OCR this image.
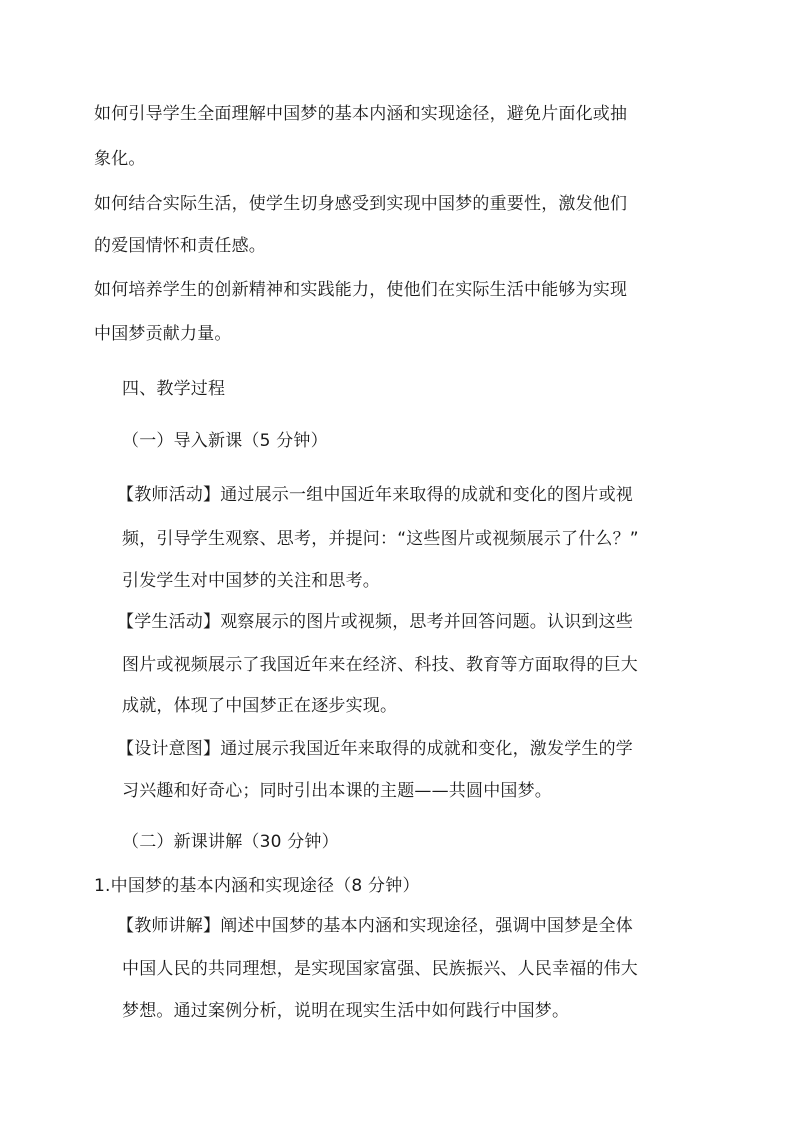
如何引导学生全面理解中国梦的基本内涵和实现途径，避免片面化或抽
象化。
如何结合实际生活，使学生切身感受到实现中国梦的重要性，激发他们
的爱国情怀和责任感。
如何培养学生的创新精神和实践能力，使他们在实际生活中能够为实现
中国梦贡献力量。
四、教学过程
（一）导入新课（5 分钟）
【教师活动】通过展示一组中国近年来取得的成就和变化的图片或视
频，引导学生观察、思考，并提问：“这些图片或视频展示了什么？”
引发学生对中国梦的关注和思考。
【学生活动】观察展示的图片或视频，思考并回答问题。认识到这些
图片或视频展示了我国近年来在经济、科技、教育等方面取得的巨大
成就，体现了中国梦正在逐步实现。
【设计意图】通过展示我国近年来取得的成就和变化，激发学生的学
习兴趣和好奇心；同时引出本课的主题——共圆中国梦。
（二）新课讲解（30 分钟）
1.中国梦的基本内涵和实现途径（8 分钟）
【教师讲解】阐述中国梦的基本内涵和实现途径，强调中国梦是全体
中国人民的共同理想，是实现国家富强、民族振兴、人民幸福的伟大
梦想。通过案例分析，说明在现实生活中如何践行中国梦。
